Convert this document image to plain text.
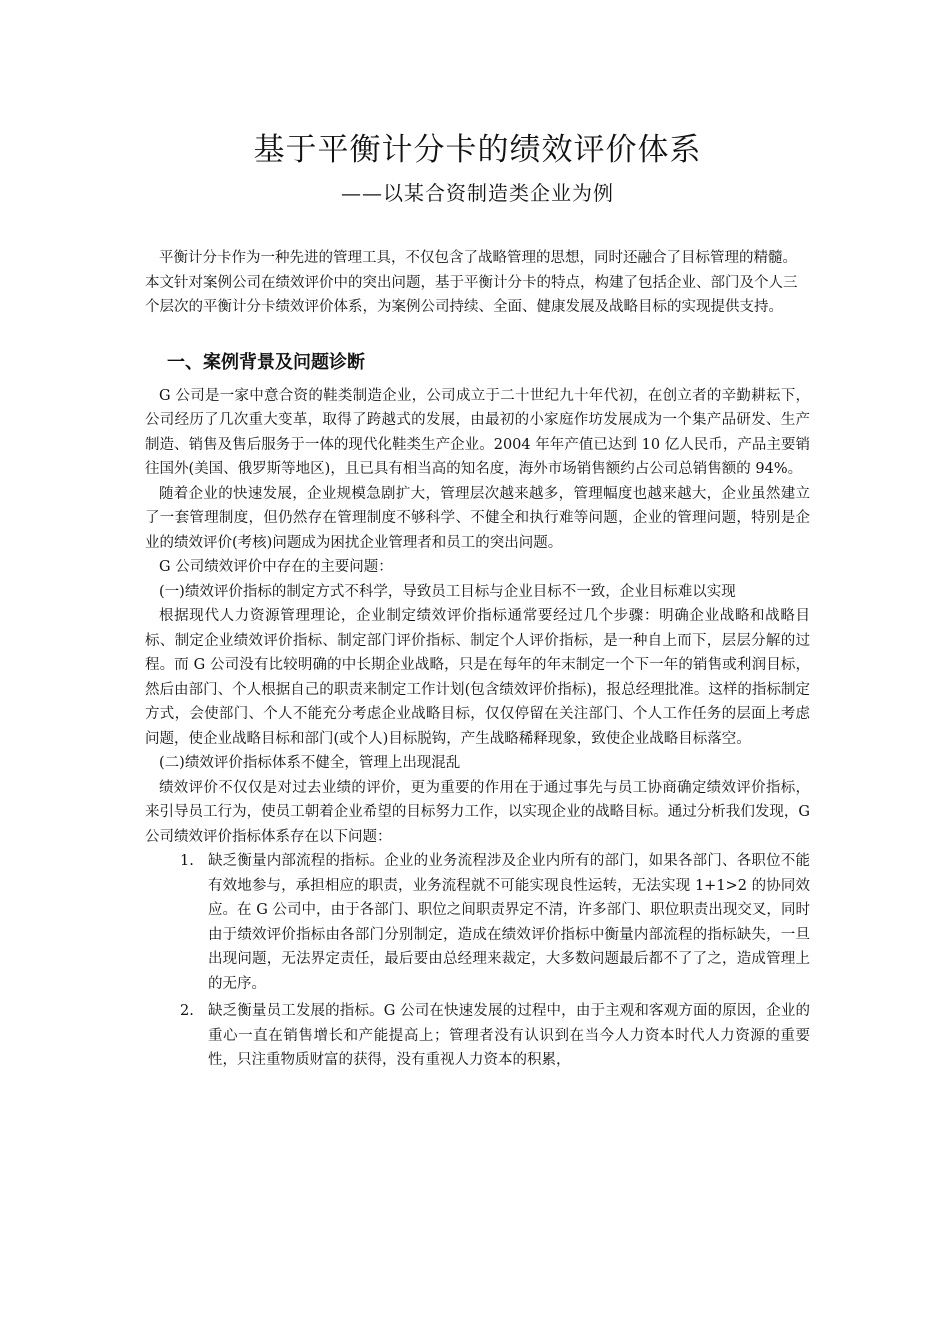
基于平衡计分卡的绩效评价体系
——以某合资制造类企业为例
平衡计分卡作为一种先进的管理工具，不仅包含了战略管理的思想，同时还融合了目标管理的精髓。本文针对案例公司在绩效评价中的突出问题，基于平衡计分卡的特点，构建了包括企业、部门及个人三个层次的平衡计分卡绩效评价体系，为案例公司持续、全面、健康发展及战略目标的实现提供支持。
一、案例背景及问题诊断

G 公司是一家中意合资的鞋类制造企业，公司成立于二十世纪九十年代初，在创立者的辛勤耕耘下，公司经历了几次重大变革，取得了跨越式的发展，由最初的小家庭作坊发展成为一个集产品研发、生产制造、销售及售后服务于一体的现代化鞋类生产企业。2004 年年产值已达到 10 亿人民币，产品主要销往国外(美国、俄罗斯等地区)，且已具有相当高的知名度，海外市场销售额约占公司总销售额的 94%。

随着企业的快速发展，企业规模急剧扩大，管理层次越来越多，管理幅度也越来越大，企业虽然建立了一套管理制度，但仍然存在管理制度不够科学、不健全和执行难等问题，企业的管理问题，特别是企业的绩效评价(考核)问题成为困扰企业管理者和员工的突出问题。

G 公司绩效评价中存在的主要问题：

(一)绩效评价指标的制定方式不科学，导致员工目标与企业目标不一致，企业目标难以实现

根据现代人力资源管理理论，企业制定绩效评价指标通常要经过几个步骤：明确企业战略和战略目标、制定企业绩效评价指标、制定部门评价指标、制定个人评价指标，是一种自上而下，层层分解的过程。而 G 公司没有比较明确的中长期企业战略，只是在每年的年末制定一个下一年的销售或利润目标，然后由部门、个人根据自己的职责来制定工作计划(包含绩效评价指标)，报总经理批准。这样的指标制定方式，会使部门、个人不能充分考虑企业战略目标，仅仅停留在关注部门、个人工作任务的层面上考虑问题，使企业战略目标和部门(或个人)目标脱钩，产生战略稀释现象，致使企业战略目标落空。

(二)绩效评价指标体系不健全，管理上出现混乱

绩效评价不仅仅是对过去业绩的评价，更为重要的作用在于通过事先与员工协商确定绩效评价指标，来引导员工行为，使员工朝着企业希望的目标努力工作，以实现企业的战略目标。通过分析我们发现，G 公司绩效评价指标体系存在以下问题：

1. 缺乏衡量内部流程的指标。企业的业务流程涉及企业内所有的部门，如果各部门、各职位不能有效地参与，承担相应的职责，业务流程就不可能实现良性运转，无法实现 1+1>2 的协同效应。在 G 公司中，由于各部门、职位之间职责界定不清，许多部门、职位职责出现交叉，同时由于绩效评价指标由各部门分别制定，造成在绩效评价指标中衡量内部流程的指标缺失，一旦出现问题，无法界定责任，最后要由总经理来裁定，大多数问题最后都不了了之，造成管理上的无序。
2. 缺乏衡量员工发展的指标。G 公司在快速发展的过程中，由于主观和客观方面的原因，企业的重心一直在销售增长和产能提高上；管理者没有认识到在当今人力资本时代人力资源的重要性，只注重物质财富的获得，没有重视人力资本的积累，
